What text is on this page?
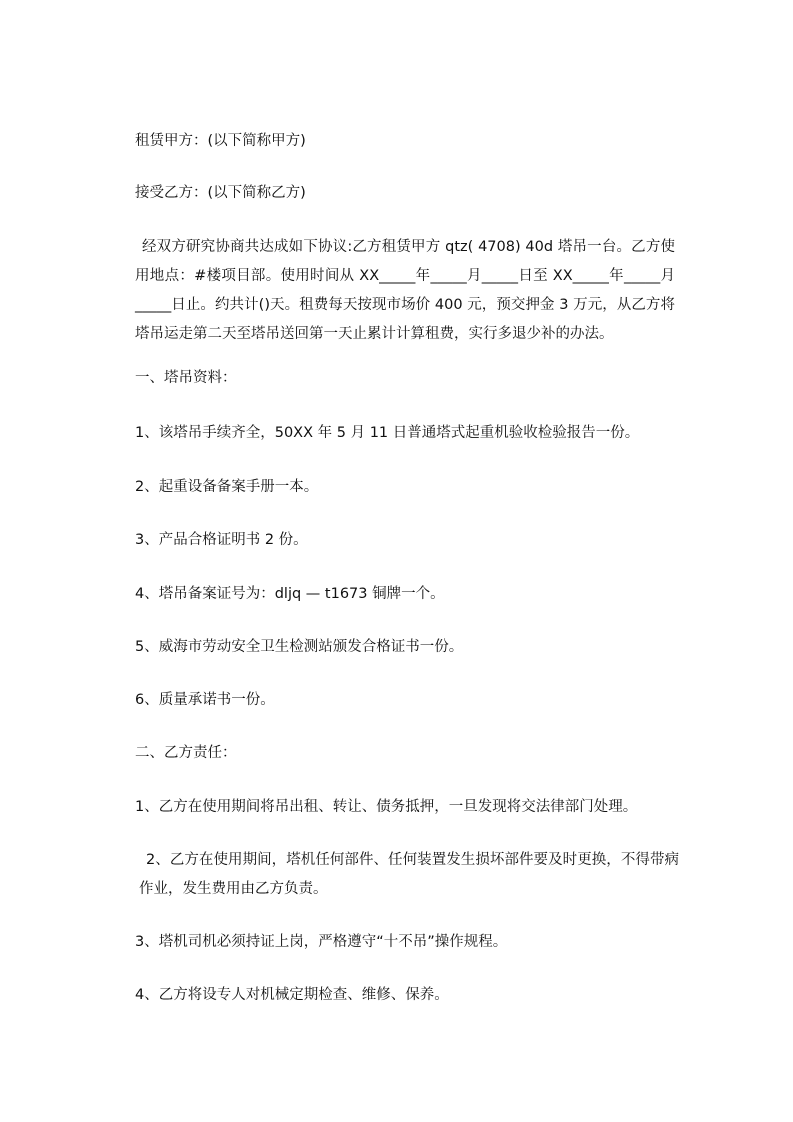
租赁甲方：(以下简称甲方)
接受乙方：(以下简称乙方)
经双方研究协商共达成如下协议:乙方租赁甲方 qtz( 4708) 40d 塔吊一台。乙方使用地点：#楼项目部。使用时间从 XX_____年_____月_____日至 XX_____年_____月_____日止。约共计()天。租费每天按现市场价 400 元，预交押金 3 万元，从乙方将塔吊运走第二天至塔吊送回第一天止累计计算租费，实行多退少补的办法。
一、塔吊资料：
1、该塔吊手续齐全，50XX 年 5 月 11 日普通塔式起重机验收检验报告一份。
2、起重设备备案手册一本。
3、产品合格证明书 2 份。
4、塔吊备案证号为：dljq — t1673 铜牌一个。
5、威海市劳动安全卫生检测站颁发合格证书一份。
6、质量承诺书一份。
二、乙方责任：
1、乙方在使用期间将吊出租、转让、债务抵押，一旦发现将交法律部门处理。
2、乙方在使用期间，塔机任何部件、任何装置发生损坏部件要及时更换，不得带病作业，发生费用由乙方负责。
3、塔机司机必须持证上岗，严格遵守“十不吊”操作规程。
4、乙方将设专人对机械定期检查、维修、保养。
